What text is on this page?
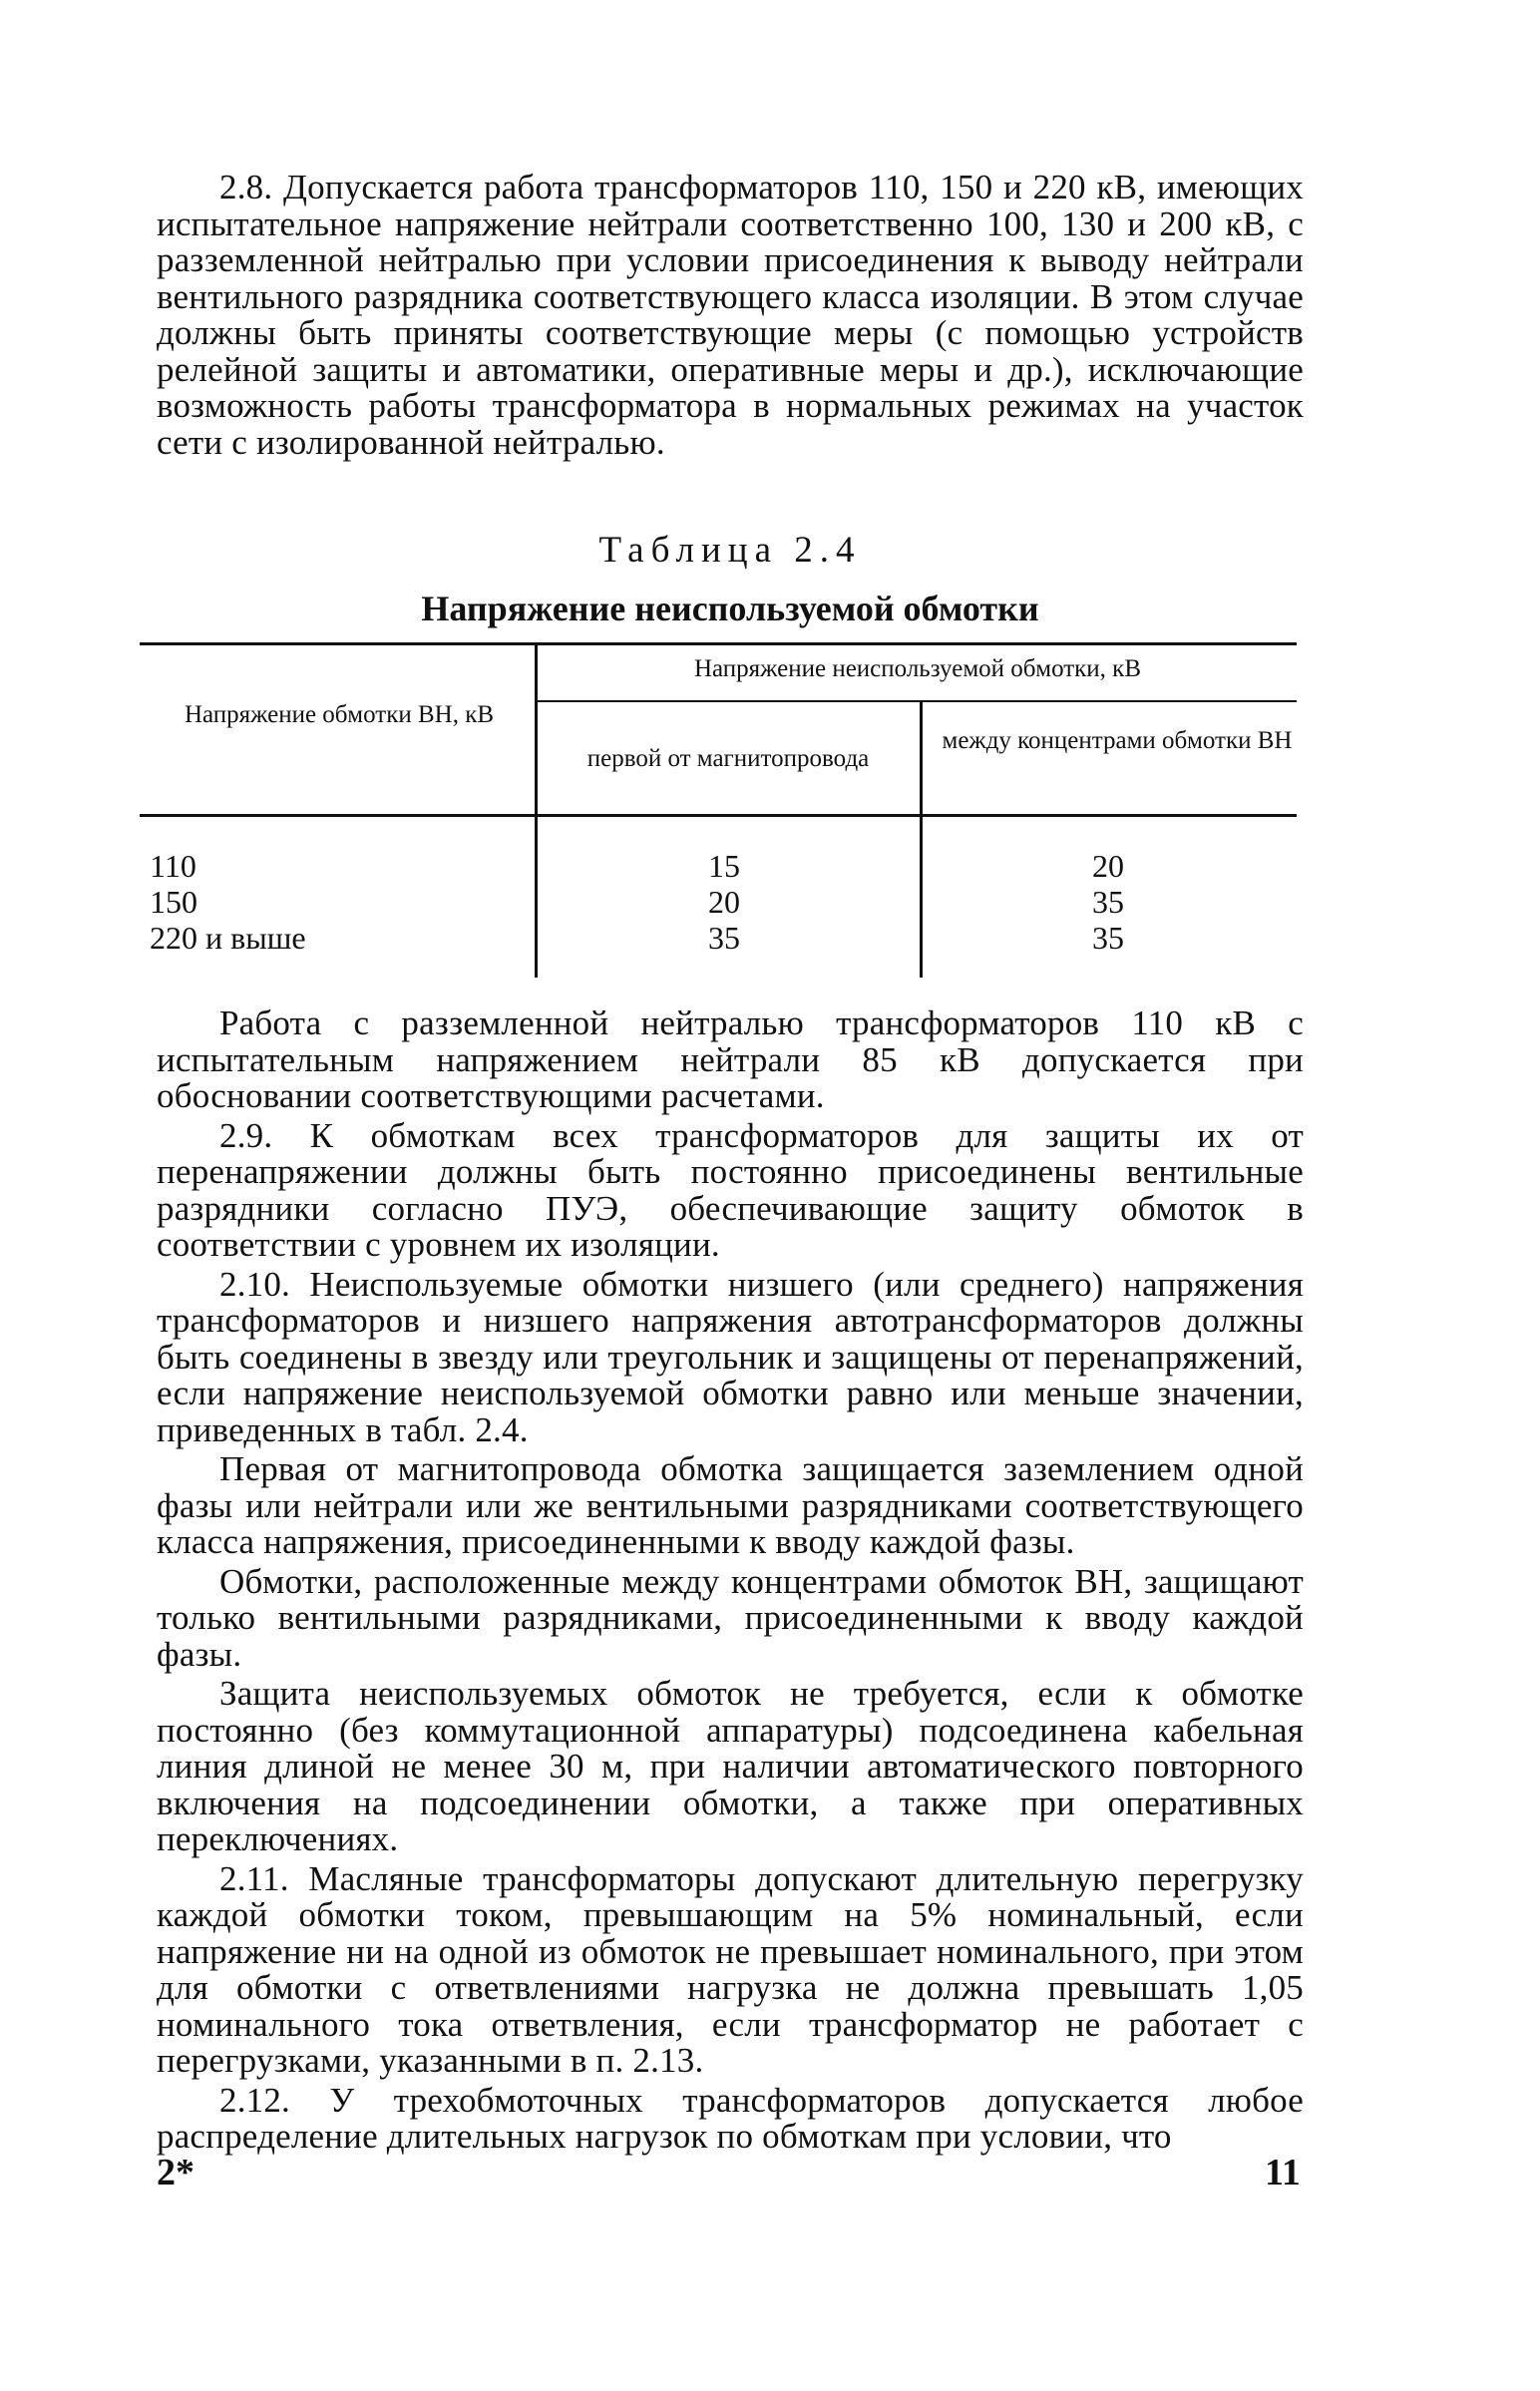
2.8. Допускается работа трансформаторов 110, 150 и 220 кВ, имеющих испытательное напряжение нейтрали соответственно 100, 130 и 200 кВ, с разземленной нейтралью при условии присоединения к выводу нейтрали вентильного разрядника соответствующего класса изоляции. В этом случае должны быть приняты соответствующие меры (с помощью устройств релейной защиты и автоматики, оперативные меры и др.), исключающие возможность работы трансформатора в нормальных режимах на участок сети с изолированной нейтралью.

Таблица 2.4
Напряжение неиспользуемой обмотки
Напряжение обмотки ВН, кВ
Напряжение неиспользуемой обмотки, кВ
первой от магнитопровода
между концентрами обмотки ВН
110
150
220 и выше
15
20
35
20
35
35

Работа с разземленной нейтралью трансформаторов 110 кВ с испытательным напряжением нейтрали 85 кВ допускается при обосновании соответствующими расчетами.

2.9. К обмоткам всех трансформаторов для защиты их от перенапряжении должны быть постоянно присоединены вентильные разрядники согласно ПУЭ, обеспечивающие защиту обмоток в соответствии с уровнем их изоляции.

2.10. Неиспользуемые обмотки низшего (или среднего) напряжения трансформаторов и низшего напряжения автотрансформаторов должны быть соединены в звезду или треугольник и защищены от перенапряжений, если напряжение неиспользуемой обмотки равно или меньше значении, приведенных в табл. 2.4.

Первая от магнитопровода обмотка защищается заземлением одной фазы или нейтрали или же вентильными разрядниками соответствующего класса напряжения, присоединенными к вводу каждой фазы.

Обмотки, расположенные между концентрами обмоток ВН, защищают только вентильными разрядниками, присоединенными к вводу каждой фазы.

Защита неиспользуемых обмоток не требуется, если к обмотке постоянно (без коммутационной аппаратуры) подсоединена кабельная линия длиной не менее 30 м, при наличии автоматического повторного включения на подсоединении обмотки, а также при оперативных переключениях.

2.11. Масляные трансформаторы допускают длительную перегрузку каждой обмотки током, превышающим на 5% номинальный, если напряжение ни на одной из обмоток не превышает номинального, при этом для обмотки с ответвлениями нагрузка не должна превышать 1,05 номинального тока ответвления, если трансформатор не работает с перегрузками, указанными в п. 2.13.

2.12. У трехобмоточных трансформаторов допускается любое распределение длительных нагрузок по обмоткам при условии, что

2*	11
